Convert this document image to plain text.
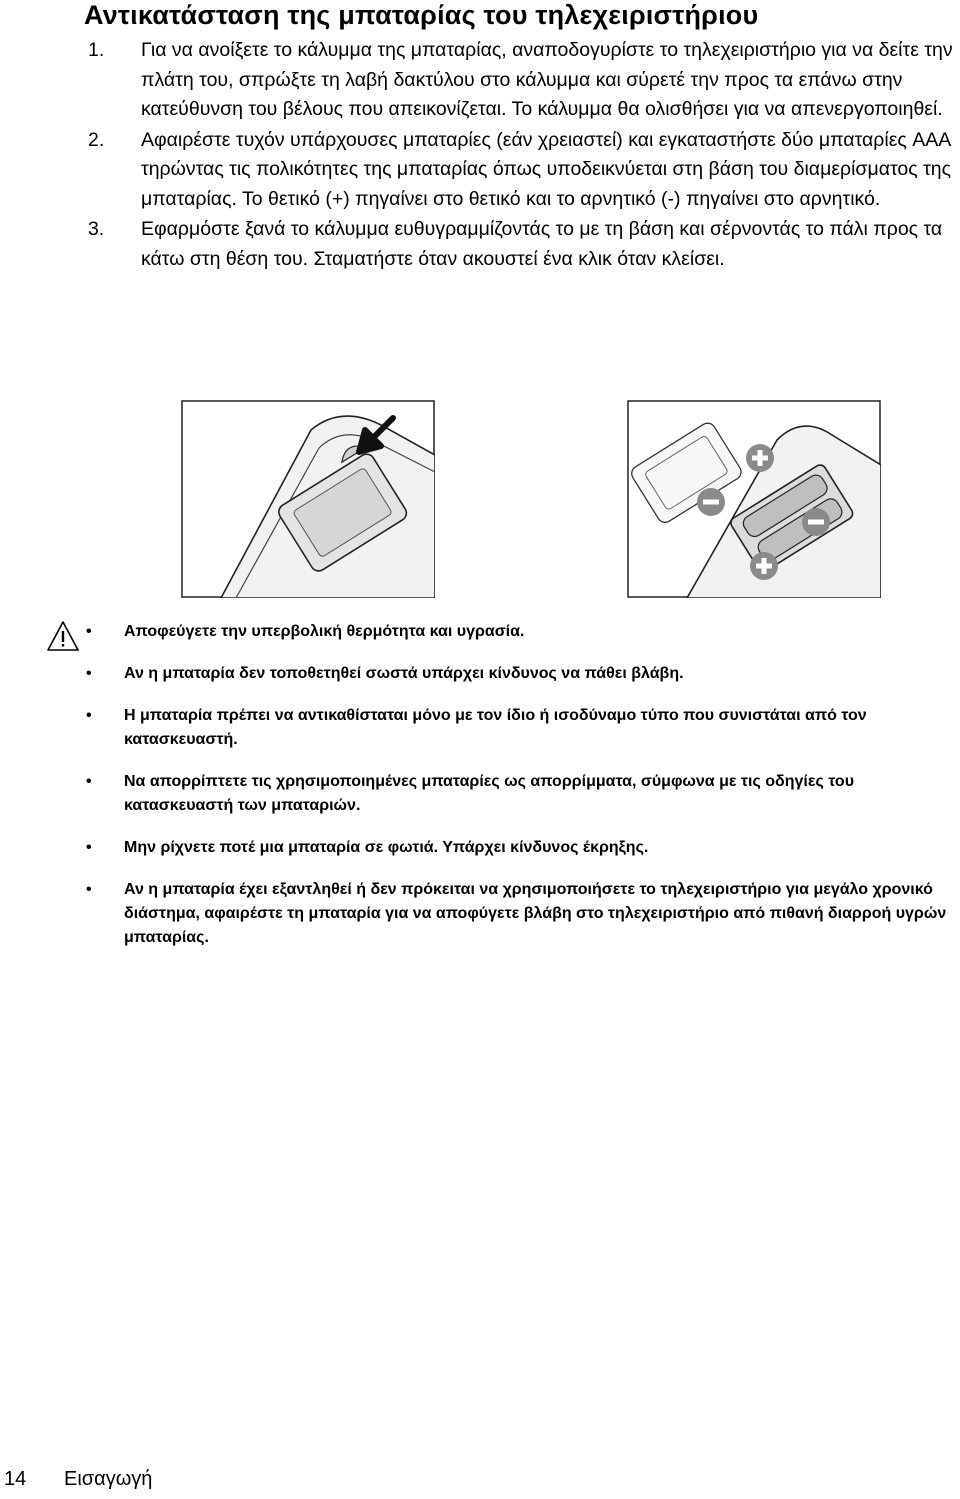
Αντικατάσταση της μπαταρίας του τηλεχειριστήριου
1. Για να ανοίξετε το κάλυμμα της μπαταρίας, αναποδογυρίστε το τηλεχειριστήριο για να δείτε την πλάτη του, σπρώξτε τη λαβή δακτύλου στο κάλυμμα και σύρετέ την προς τα επάνω στην κατεύθυνση του βέλους που απεικονίζεται. Το κάλυμμα θα ολισθήσει για να απενεργοποιηθεί.
2. Αφαιρέστε τυχόν υπάρχουσες μπαταρίες (εάν χρειαστεί) και εγκαταστήστε δύο μπαταρίες AAA τηρώντας τις πολικότητες της μπαταρίας όπως υποδεικνύεται στη βάση του διαμερίσματος της μπαταρίας. Το θετικό (+) πηγαίνει στο θετικό και το αρνητικό (-) πηγαίνει στο αρνητικό.
3. Εφαρμόστε ξανά το κάλυμμα ευθυγραμμίζοντάς το με τη βάση και σέρνοντάς το πάλι προς τα κάτω στη θέση του. Σταματήστε όταν ακουστεί ένα κλικ όταν κλείσει.
• Αποφεύγετε την υπερβολική θερμότητα και υγρασία.
• Αν η μπαταρία δεν τοποθετηθεί σωστά υπάρχει κίνδυνος να πάθει βλάβη.
• Η μπαταρία πρέπει να αντικαθίσταται μόνο με τον ίδιο ή ισοδύναμο τύπο που συνιστάται από τον κατασκευαστή.
• Να απορρίπτετε τις χρησιμοποιημένες μπαταρίες ως απορρίμματα, σύμφωνα με τις οδηγίες του κατασκευαστή των μπαταριών.
• Μην ρίχνετε ποτέ μια μπαταρία σε φωτιά. Υπάρχει κίνδυνος έκρηξης.
• Αν η μπαταρία έχει εξαντληθεί ή δεν πρόκειται να χρησιμοποιήσετε το τηλεχειριστήριο για μεγάλο χρονικό διάστημα, αφαιρέστε τη μπαταρία για να αποφύγετε βλάβη στο τηλεχειριστήριο από πιθανή διαρροή υγρών μπαταρίας.
14 Εισαγωγή
